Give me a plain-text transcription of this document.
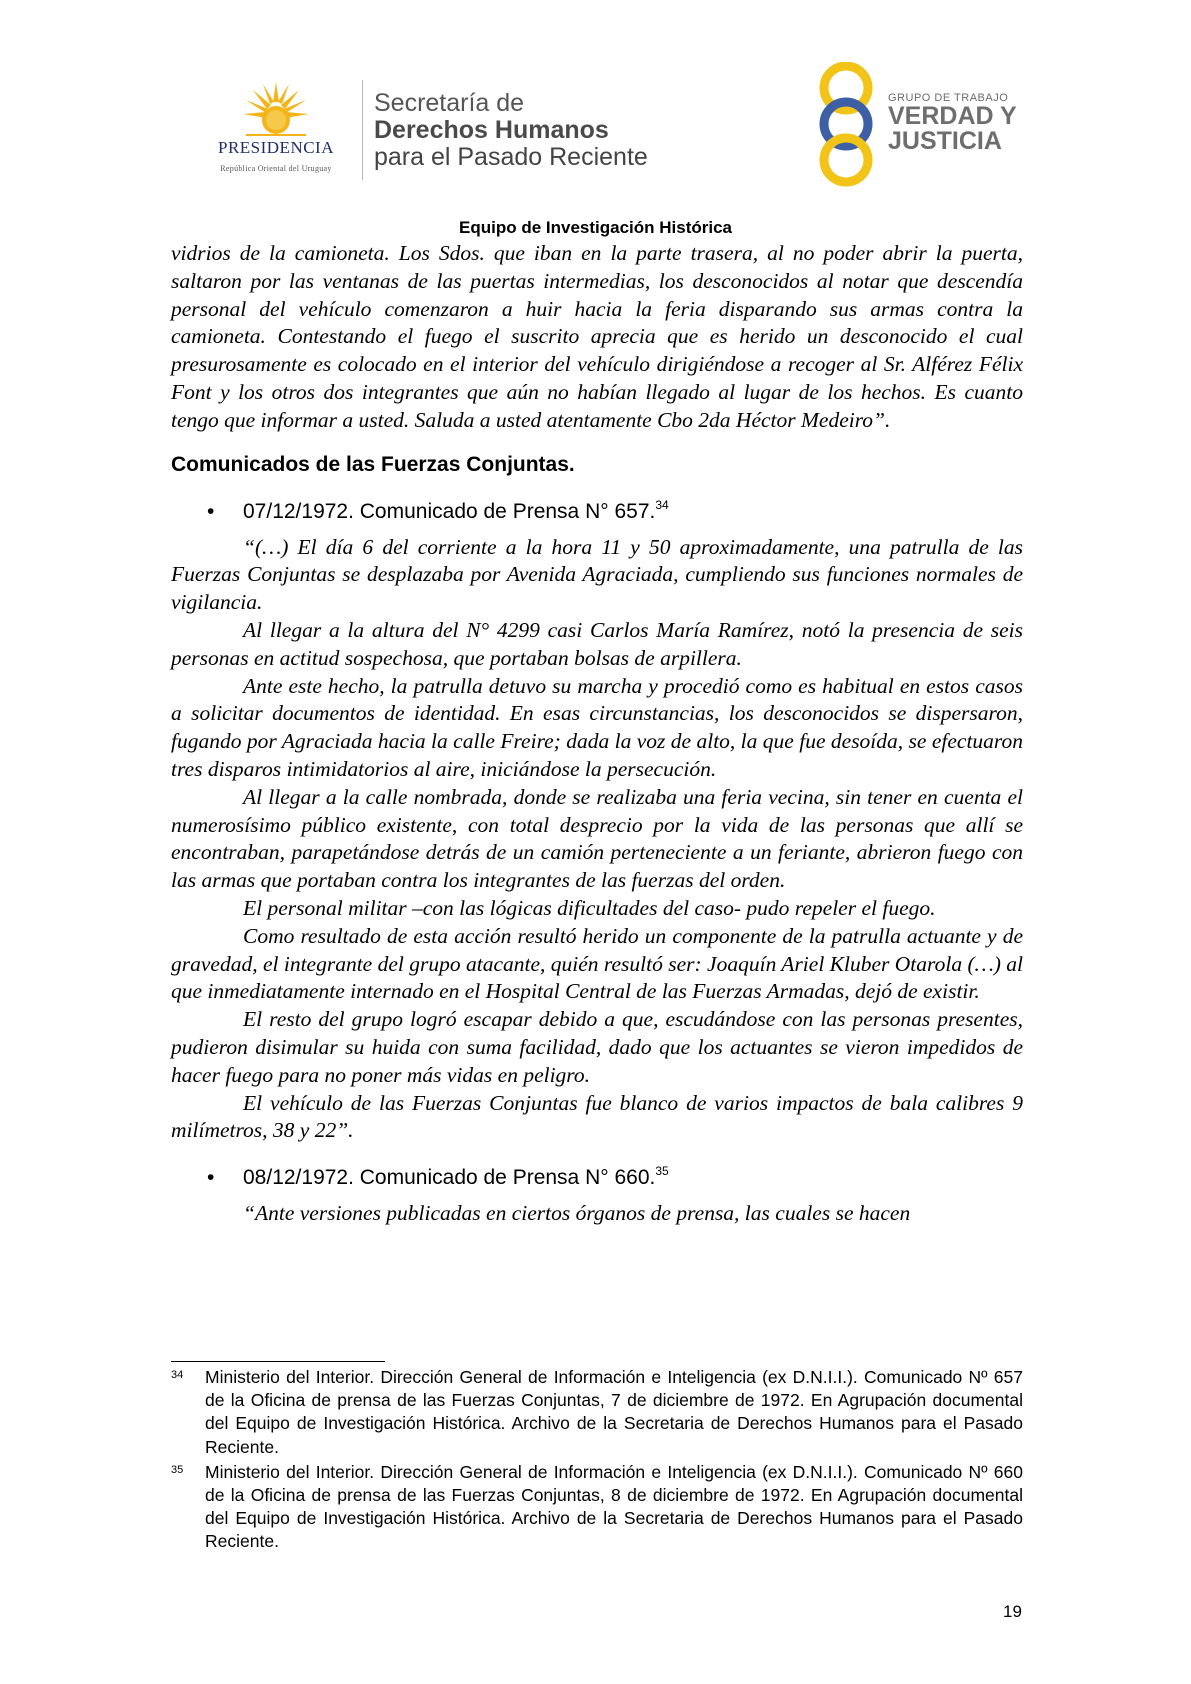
PRESIDENCIA
República Oriental del Uruguay
Secretaría de
Derechos Humanos
para el Pasado Reciente
GRUPO DE TRABAJO
VERDAD Y
JUSTICIA
Equipo de Investigación Histórica

vidrios de la camioneta. Los Sdos. que iban en la parte trasera, al no poder abrir la puerta, saltaron por las ventanas de las puertas intermedias, los desconocidos al notar que descendía personal del vehículo comenzaron a huir hacia la feria disparando sus armas contra la camioneta. Contestando el fuego el suscrito aprecia que es herido un desconocido el cual presurosamente es colocado en el interior del vehículo dirigiéndose a recoger al Sr. Alférez Félix Font y los otros dos integrantes que aún no habían llegado al lugar de los hechos. Es cuanto tengo que informar a usted. Saluda a usted atentamente Cbo 2da Héctor Medeiro”.

Comunicados de las Fuerzas Conjuntas.
• 07/12/1972. Comunicado de Prensa N° 657.34

“(…) El día 6 del corriente a la hora 11 y 50 aproximadamente, una patrulla de las Fuerzas Conjuntas se desplazaba por Avenida Agraciada, cumpliendo sus funciones normales de vigilancia.

Al llegar a la altura del N° 4299 casi Carlos María Ramírez, notó la presencia de seis personas en actitud sospechosa, que portaban bolsas de arpillera.

Ante este hecho, la patrulla detuvo su marcha y procedió como es habitual en estos casos a solicitar documentos de identidad. En esas circunstancias, los desconocidos se dispersaron, fugando por Agraciada hacia la calle Freire; dada la voz de alto, la que fue desoída, se efectuaron tres disparos intimidatorios al aire, iniciándose la persecución.

Al llegar a la calle nombrada, donde se realizaba una feria vecina, sin tener en cuenta el numerosísimo público existente, con total desprecio por la vida de las personas que allí se encontraban, parapetándose detrás de un camión perteneciente a un feriante, abrieron fuego con las armas que portaban contra los integrantes de las fuerzas del orden.

El personal militar –con las lógicas dificultades del caso- pudo repeler el fuego.

Como resultado de esta acción resultó herido un componente de la patrulla actuante y de gravedad, el integrante del grupo atacante, quién resultó ser: Joaquín Ariel Kluber Otarola (…) al que inmediatamente internado en el Hospital Central de las Fuerzas Armadas, dejó de existir.

El resto del grupo logró escapar debido a que, escudándose con las personas presentes, pudieron disimular su huida con suma facilidad, dado que los actuantes se vieron impedidos de hacer fuego para no poner más vidas en peligro.

El vehículo de las Fuerzas Conjuntas fue blanco de varios impactos de bala calibres 9 milímetros, 38 y 22”.

• 08/12/1972. Comunicado de Prensa N° 660.35

“Ante versiones publicadas en ciertos órganos de prensa, las cuales se hacen

34 Ministerio del Interior. Dirección General de Información e Inteligencia (ex D.N.I.I.). Comunicado Nº 657 de la Oficina de prensa de las Fuerzas Conjuntas, 7 de diciembre de 1972. En Agrupación documental del Equipo de Investigación Histórica. Archivo de la Secretaria de Derechos Humanos para el Pasado Reciente.
35 Ministerio del Interior. Dirección General de Información e Inteligencia (ex D.N.I.I.). Comunicado Nº 660 de la Oficina de prensa de las Fuerzas Conjuntas, 8 de diciembre de 1972. En Agrupación documental del Equipo de Investigación Histórica. Archivo de la Secretaria de Derechos Humanos para el Pasado Reciente.
19
